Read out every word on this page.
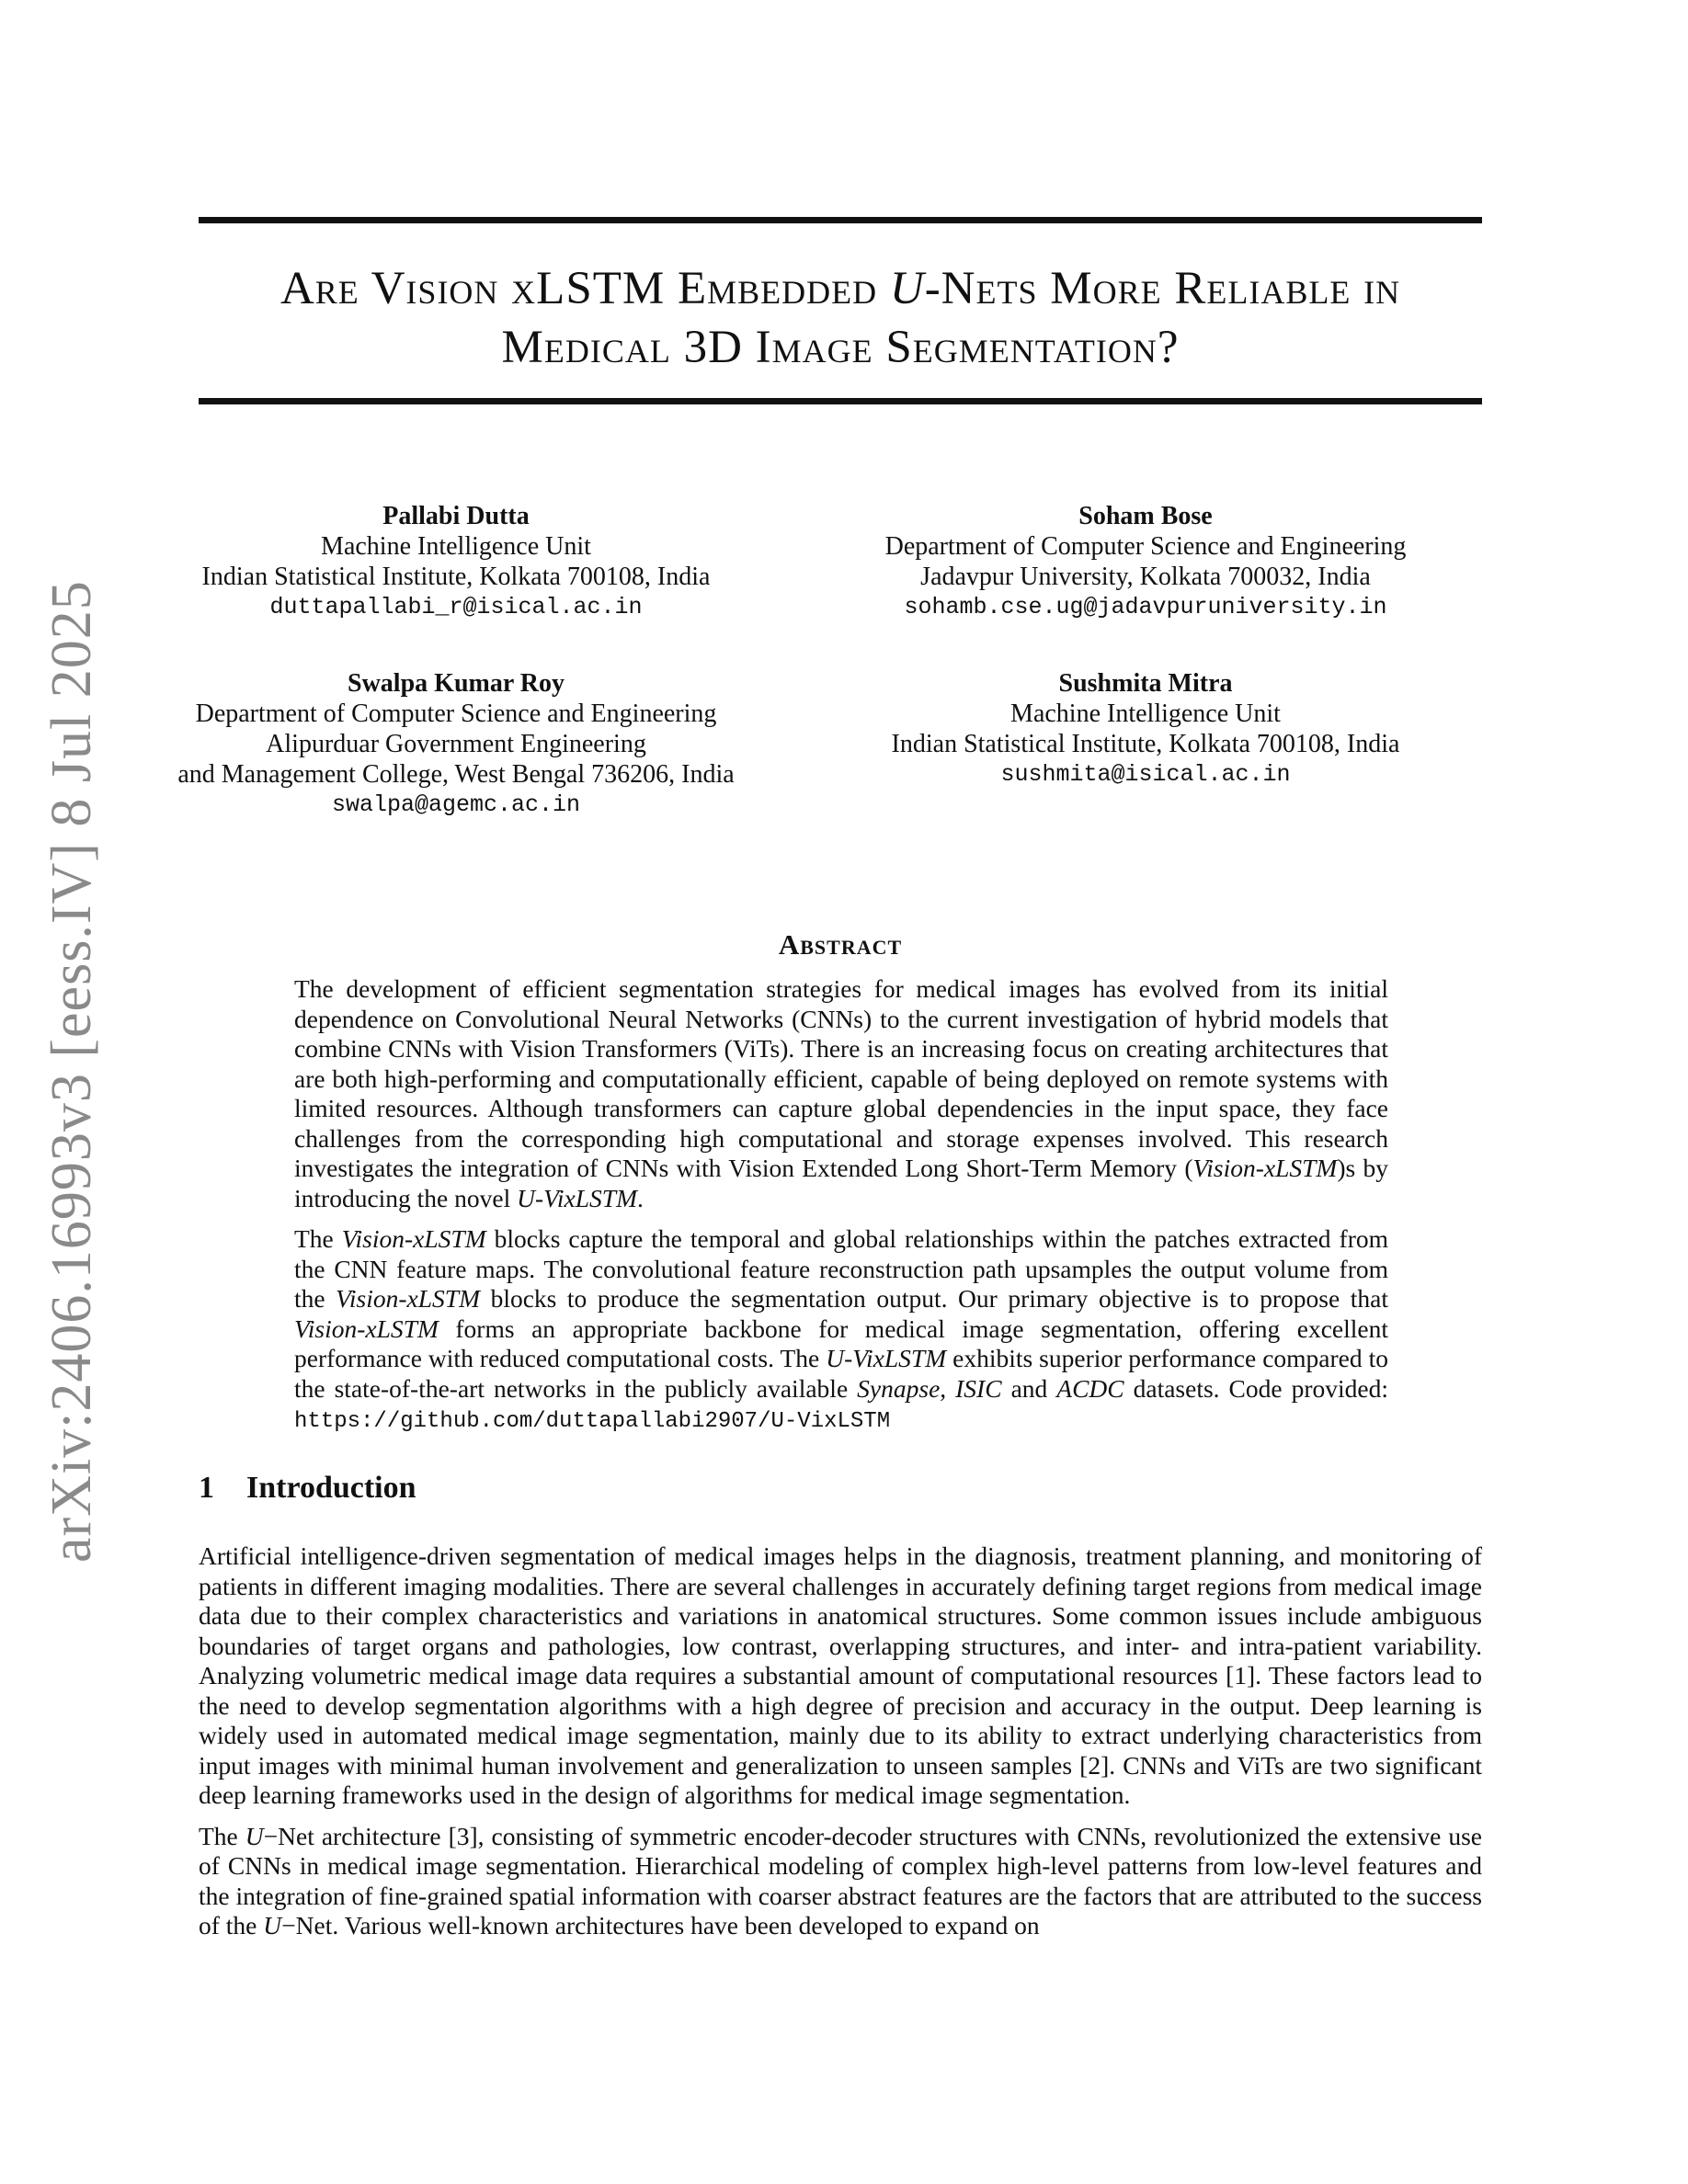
arXiv:2406.16993v3 [eess.IV] 8 Jul 2025
Are Vision xLSTM Embedded U-Nets More Reliable in
Medical 3D Image Segmentation?
Pallabi Dutta
Machine Intelligence Unit
Indian Statistical Institute, Kolkata 700108, India
duttapallabi_r@isical.ac.in
Soham Bose
Department of Computer Science and Engineering
Jadavpur University, Kolkata 700032, India
sohamb.cse.ug@jadavpuruniversity.in
Swalpa Kumar Roy
Department of Computer Science and Engineering
Alipurduar Government Engineering
and Management College, West Bengal 736206, India
swalpa@agemc.ac.in
Sushmita Mitra
Machine Intelligence Unit
Indian Statistical Institute, Kolkata 700108, India
sushmita@isical.ac.in
Abstract

The development of efficient segmentation strategies for medical images has evolved from its initial dependence on Convolutional Neural Networks (CNNs) to the current investigation of hybrid models that combine CNNs with Vision Transformers (ViTs). There is an increasing focus on creating architectures that are both high-performing and computationally efficient, capable of being deployed on remote systems with limited resources. Although transformers can capture global dependencies in the input space, they face challenges from the corresponding high computational and storage expenses involved. This research investigates the integration of CNNs with Vision Extended Long Short-Term Memory (Vision-xLSTM)s by introducing the novel U-VixLSTM.

The Vision-xLSTM blocks capture the temporal and global relationships within the patches extracted from the CNN feature maps. The convolutional feature reconstruction path upsamples the output volume from the Vision-xLSTM blocks to produce the segmentation output. Our primary objective is to propose that Vision-xLSTM forms an appropriate backbone for medical image segmentation, offering excellent performance with reduced computational costs. The U-VixLSTM exhibits superior performance compared to the state-of-the-art networks in the publicly available Synapse, ISIC and ACDC datasets. Code provided: https://github.com/duttapallabi2907/U-VixLSTM

1 Introduction

Artificial intelligence-driven segmentation of medical images helps in the diagnosis, treatment planning, and monitoring of patients in different imaging modalities. There are several challenges in accurately defining target regions from medical image data due to their complex characteristics and variations in anatomical structures. Some common issues include ambiguous boundaries of target organs and pathologies, low contrast, overlapping structures, and inter- and intra-patient variability. Analyzing volumetric medical image data requires a substantial amount of computational resources [1]. These factors lead to the need to develop segmentation algorithms with a high degree of precision and accuracy in the output. Deep learning is widely used in automated medical image segmentation, mainly due to its ability to extract underlying characteristics from input images with minimal human involvement and generalization to unseen samples [2]. CNNs and ViTs are two significant deep learning frameworks used in the design of algorithms for medical image segmentation.

The U−Net architecture [3], consisting of symmetric encoder-decoder structures with CNNs, revolutionized the extensive use of CNNs in medical image segmentation. Hierarchical modeling of complex high-level patterns from low-level features and the integration of fine-grained spatial information with coarser abstract features are the factors that are attributed to the success of the U−Net. Various well-known architectures have been developed to expand on
